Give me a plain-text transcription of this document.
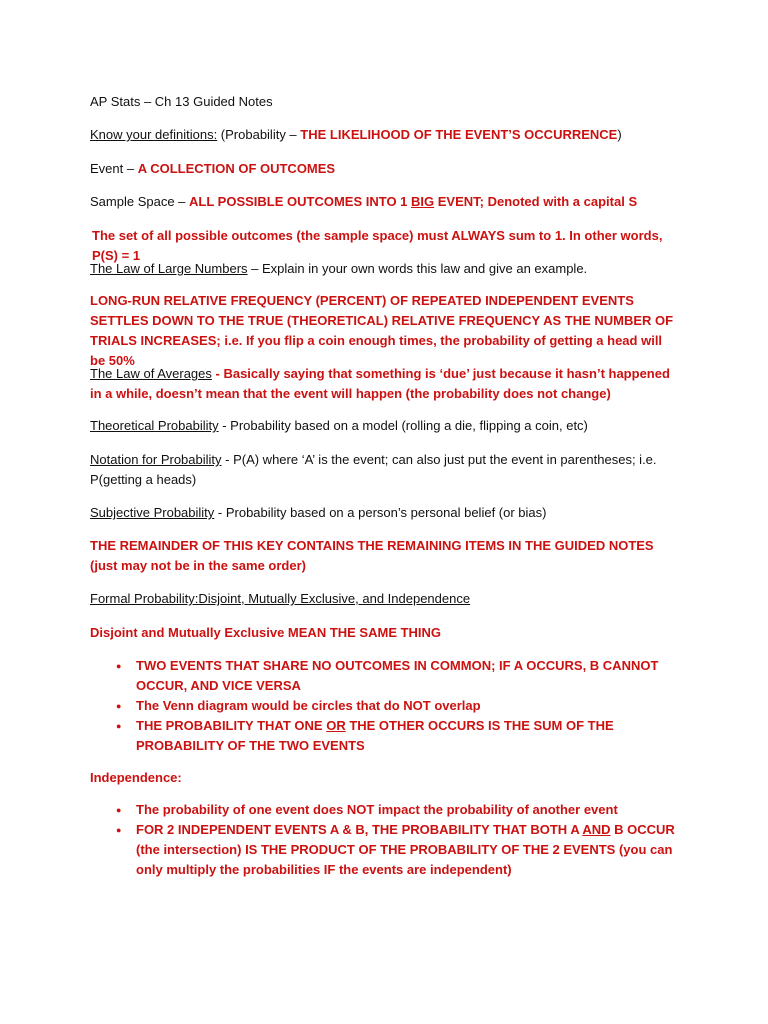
AP Stats – Ch 13 Guided Notes
Know your definitions: (Probability – THE LIKELIHOOD OF THE EVENT’S OCCURRENCE)
Event – A COLLECTION OF OUTCOMES
Sample Space – ALL POSSIBLE OUTCOMES INTO 1 BIG EVENT; Denoted with a capital S
The set of all possible outcomes (the sample space) must ALWAYS sum to 1. In other words, P(S) = 1
The Law of Large Numbers – Explain in your own words this law and give an example.
LONG-RUN RELATIVE FREQUENCY (PERCENT) OF REPEATED INDEPENDENT EVENTS SETTLES DOWN TO THE TRUE (THEORETICAL) RELATIVE FREQUENCY AS THE NUMBER OF TRIALS INCREASES; i.e. If you flip a coin enough times, the probability of getting a head will be 50%
The Law of Averages - Basically saying that something is ‘due’ just because it hasn’t happened in a while, doesn’t mean that the event will happen (the probability does not change)
Theoretical Probability - Probability based on a model (rolling a die, flipping a coin, etc)
Notation for Probability - P(A) where ‘A’ is the event; can also just put the event in parentheses; i.e. P(getting a heads)
Subjective Probability - Probability based on a person’s personal belief (or bias)
THE REMAINDER OF THIS KEY CONTAINS THE REMAINING ITEMS IN THE GUIDED NOTES (just may not be in the same order)
Formal Probability:Disjoint, Mutually Exclusive, and Independence
Disjoint and Mutually Exclusive MEAN THE SAME THING
● TWO EVENTS THAT SHARE NO OUTCOMES IN COMMON; IF A OCCURS, B CANNOT OCCUR, AND VICE VERSA
● The Venn diagram would be circles that do NOT overlap
● THE PROBABILITY THAT ONE OR THE OTHER OCCURS IS THE SUM OF THE PROBABILITY OF THE TWO EVENTS
Independence:
● The probability of one event does NOT impact the probability of another event
● FOR 2 INDEPENDENT EVENTS A & B, THE PROBABILITY THAT BOTH A AND B OCCUR (the intersection) IS THE PRODUCT OF THE PROBABILITY OF THE 2 EVENTS (you can only multiply the probabilities IF the events are independent)
